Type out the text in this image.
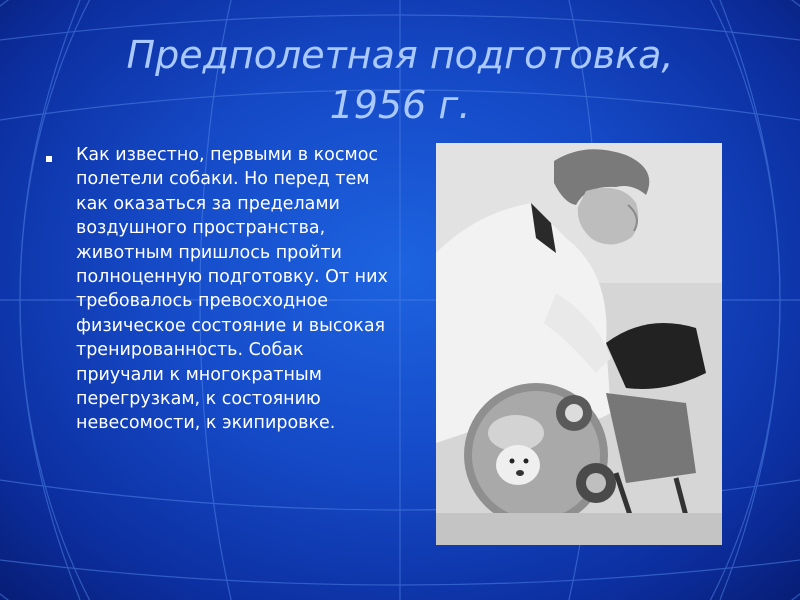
Предполетная подготовка,
1956 г.
Как известно, первыми в космос полетели собаки. Но перед тем как оказаться за пределами воздушного пространства, животным пришлось пройти полноценную подготовку. От них требовалось превосходное физическое состояние и высокая тренированность. Собак приучали к многократным перегрузкам, к состоянию невесомости, к экипировке.
